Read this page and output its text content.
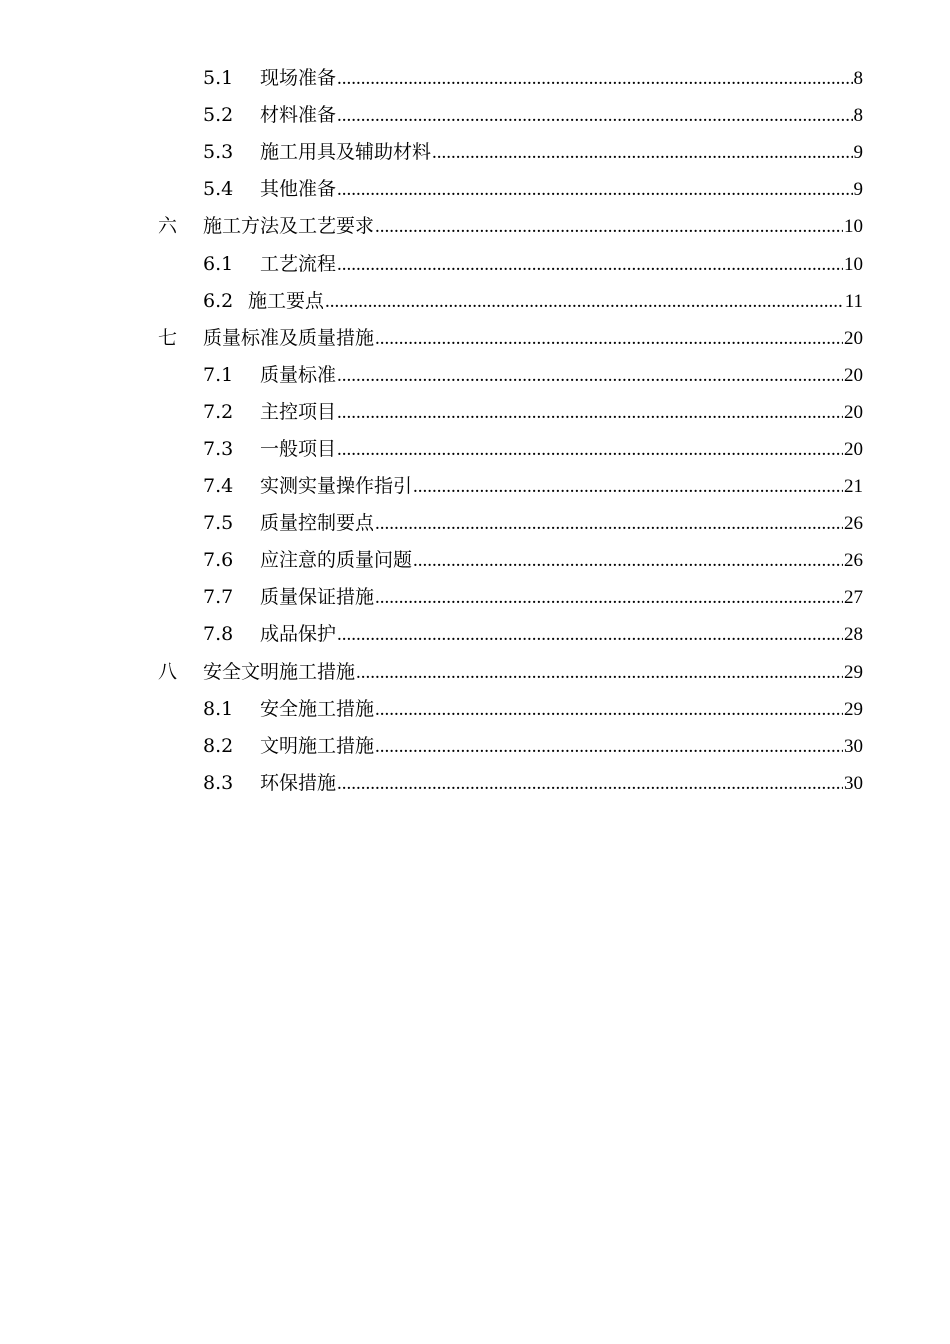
5.1	现场准备 .....	8
5.2	材料准备 .....	8
5.3	施工用具及辅助材料 .....	9
5.4	其他准备 .....	9
六	施工方法及工艺要求 .....	10
6.1	工艺流程 .....	10
6.2 施工要点 .....	11
七	质量标准及质量措施 .....	20
7.1	质量标准 .....	20
7.2	主控项目 .....	20
7.3	一般项目 .....	20
7.4	实测实量操作指引 .....	21
7.5	质量控制要点 .....	26
7.6	应注意的质量问题 .....	26
7.7	质量保证措施 .....	27
7.8	成品保护 .....	28
八	安全文明施工措施 .....	29
8.1	安全施工措施 .....	29
8.2	文明施工措施 .....	30
8.3	环保措施 .....	30
